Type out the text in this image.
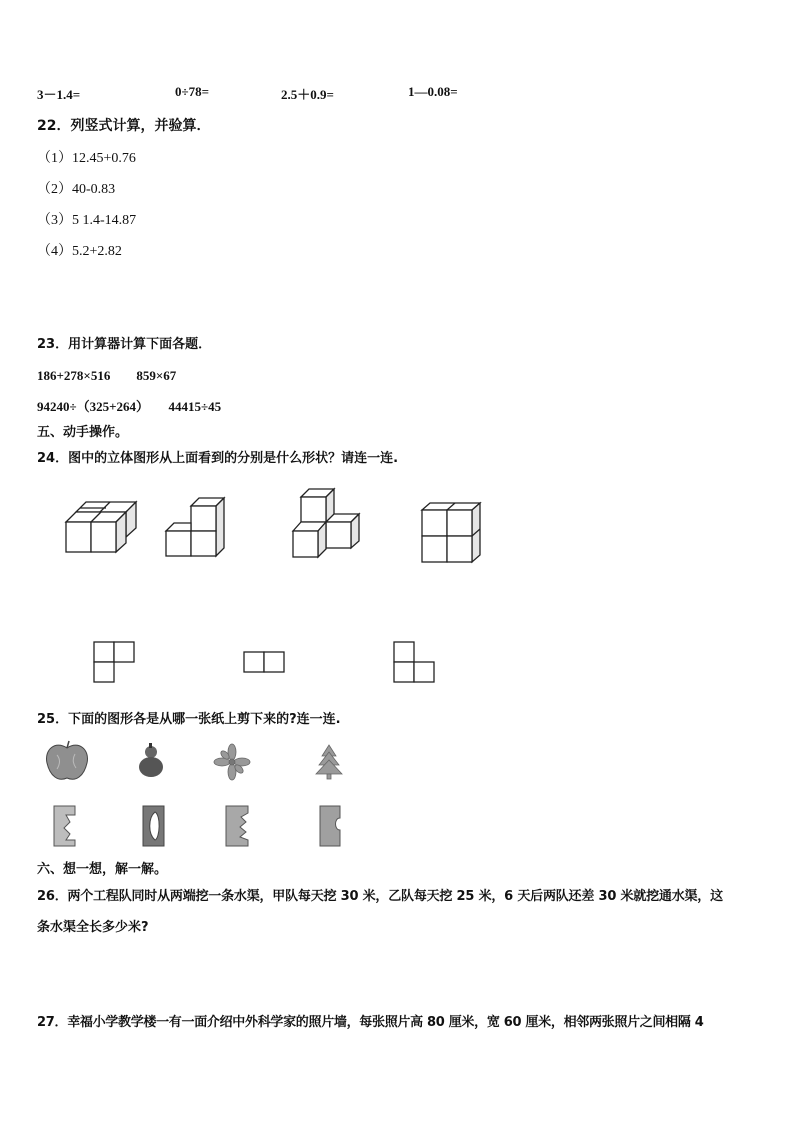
3－1.4=	0÷78=	2.5＋0.9=	1—0.08=
22．列竖式计算，并验算．
（1）12.45+0.76
（2）40-0.83
（3）5 1.4-14.87
（4）5.2+2.82
23．用计算器计算下面各题．
186+278×516　　859×67
94240÷（325+264）　　44415÷45
五、动手操作。
24．图中的立体图形从上面看到的分别是什么形状？请连一连.
25．下面的图形各是从哪一张纸上剪下来的?连一连.
六、想一想，解一解。
26．两个工程队同时从两端挖一条水渠，甲队每天挖 30 米，乙队每天挖 25 米，6 天后两队还差 30 米就挖通水渠，这
条水渠全长多少米?
27．幸福小学教学楼一有一面介绍中外科学家的照片墙，每张照片高 80 厘米，宽 60 厘米，相邻两张照片之间相隔 4
